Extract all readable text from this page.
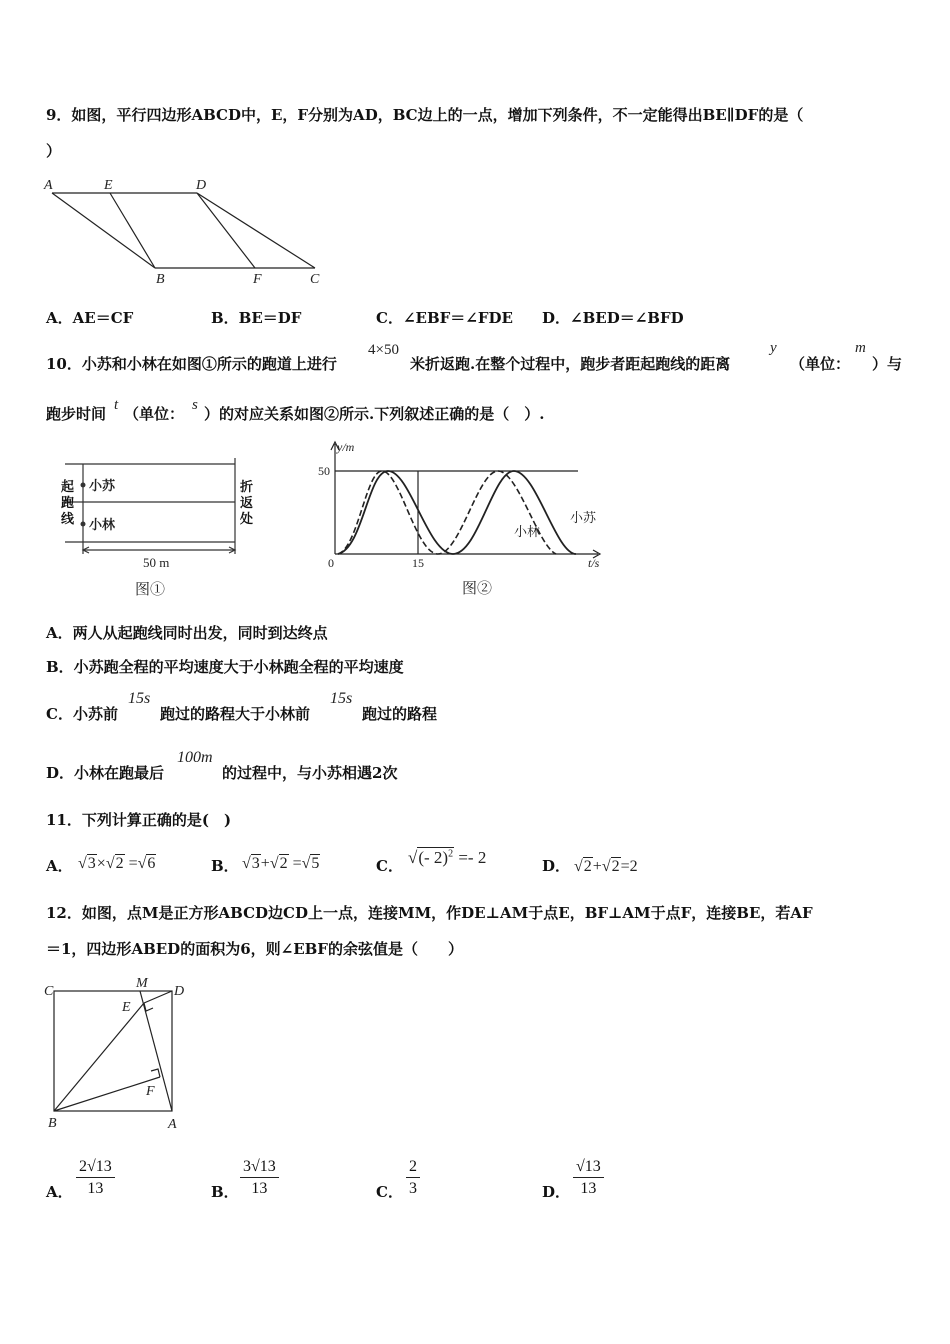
9．如图，平行四边形ABCD中，E，F分别为AD，BC边上的一点，增加下列条件，不一定能得出BE∥DF的是（
）
A	E	D
B	F	C
A．AE＝CF	B．BE＝DF	C．∠EBF＝∠FDE D．∠BED＝∠BFD
10．小苏和小林在如图①所示的跑道上进行
4×50
米折返跑.在整个过程中，跑步者距起跑线的距离
y
（单位：
m
）与
跑步时间 t （单位： s ）的对应关系如图②所示.下列叙述正确的是（　）.
小苏
小林
50 m
图①
起跑线
折返处
y/m
50
0	15	t/s
小苏
小林
图②
A．两人从起跑线同时出发，同时到达终点
B．小苏跑全程的平均速度大于小林跑全程的平均速度
C．小苏前
15s
跑过的路程大于小林前
15s
跑过的路程
D．小林在跑最后
100m
的过程中，与小苏相遇2次
11．下列计算正确的是(　)
A． √3×√2 =√6	B． √3+√2 =√5	C． √(- 2)$^2$ =- 2	D． √2+√2=2
12．如图，点M是正方形ABCD边CD上一点，连接MM，作DE⊥AM于点E，BF⊥AM于点F，连接BE，若AF
＝1，四边形ABED的面积为6，则∠EBF的余弦值是（　　）
C
M
D
E
F
B	A
A． $\frac{2√13}{13}$	B． $\frac{3√13}{13}$	C． $\frac{2}{3}$	D． $\frac{√13}{13}$
